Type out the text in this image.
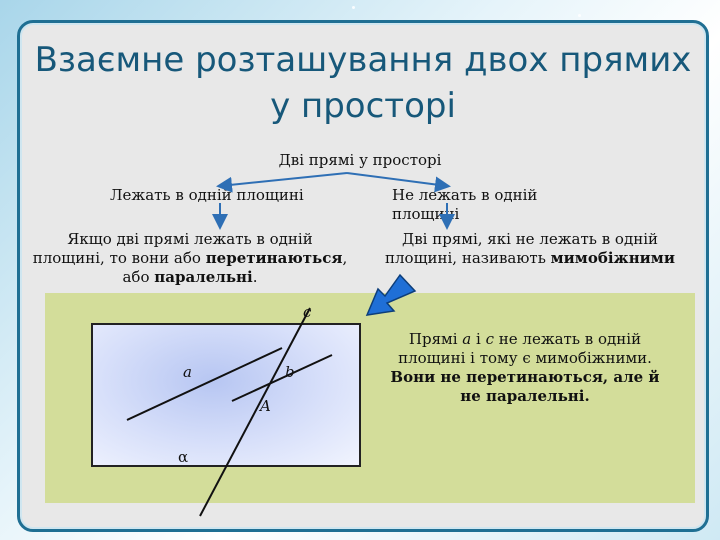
Взаємне розташування двох прямих у просторі
Дві прямі у просторі
Лежать в одній площині	Не лежать в одній площині
Якщо дві прямі лежать в одній площині, то вони або перетинаються, або паралельні.
Дві прямі, які не лежать в одній площині, називають мимобіжними
Прямі a і c не лежать в одній площині і тому є мимобіжними. Вони не перетинаються, але й не паралельні.
a	b
c
A
α
